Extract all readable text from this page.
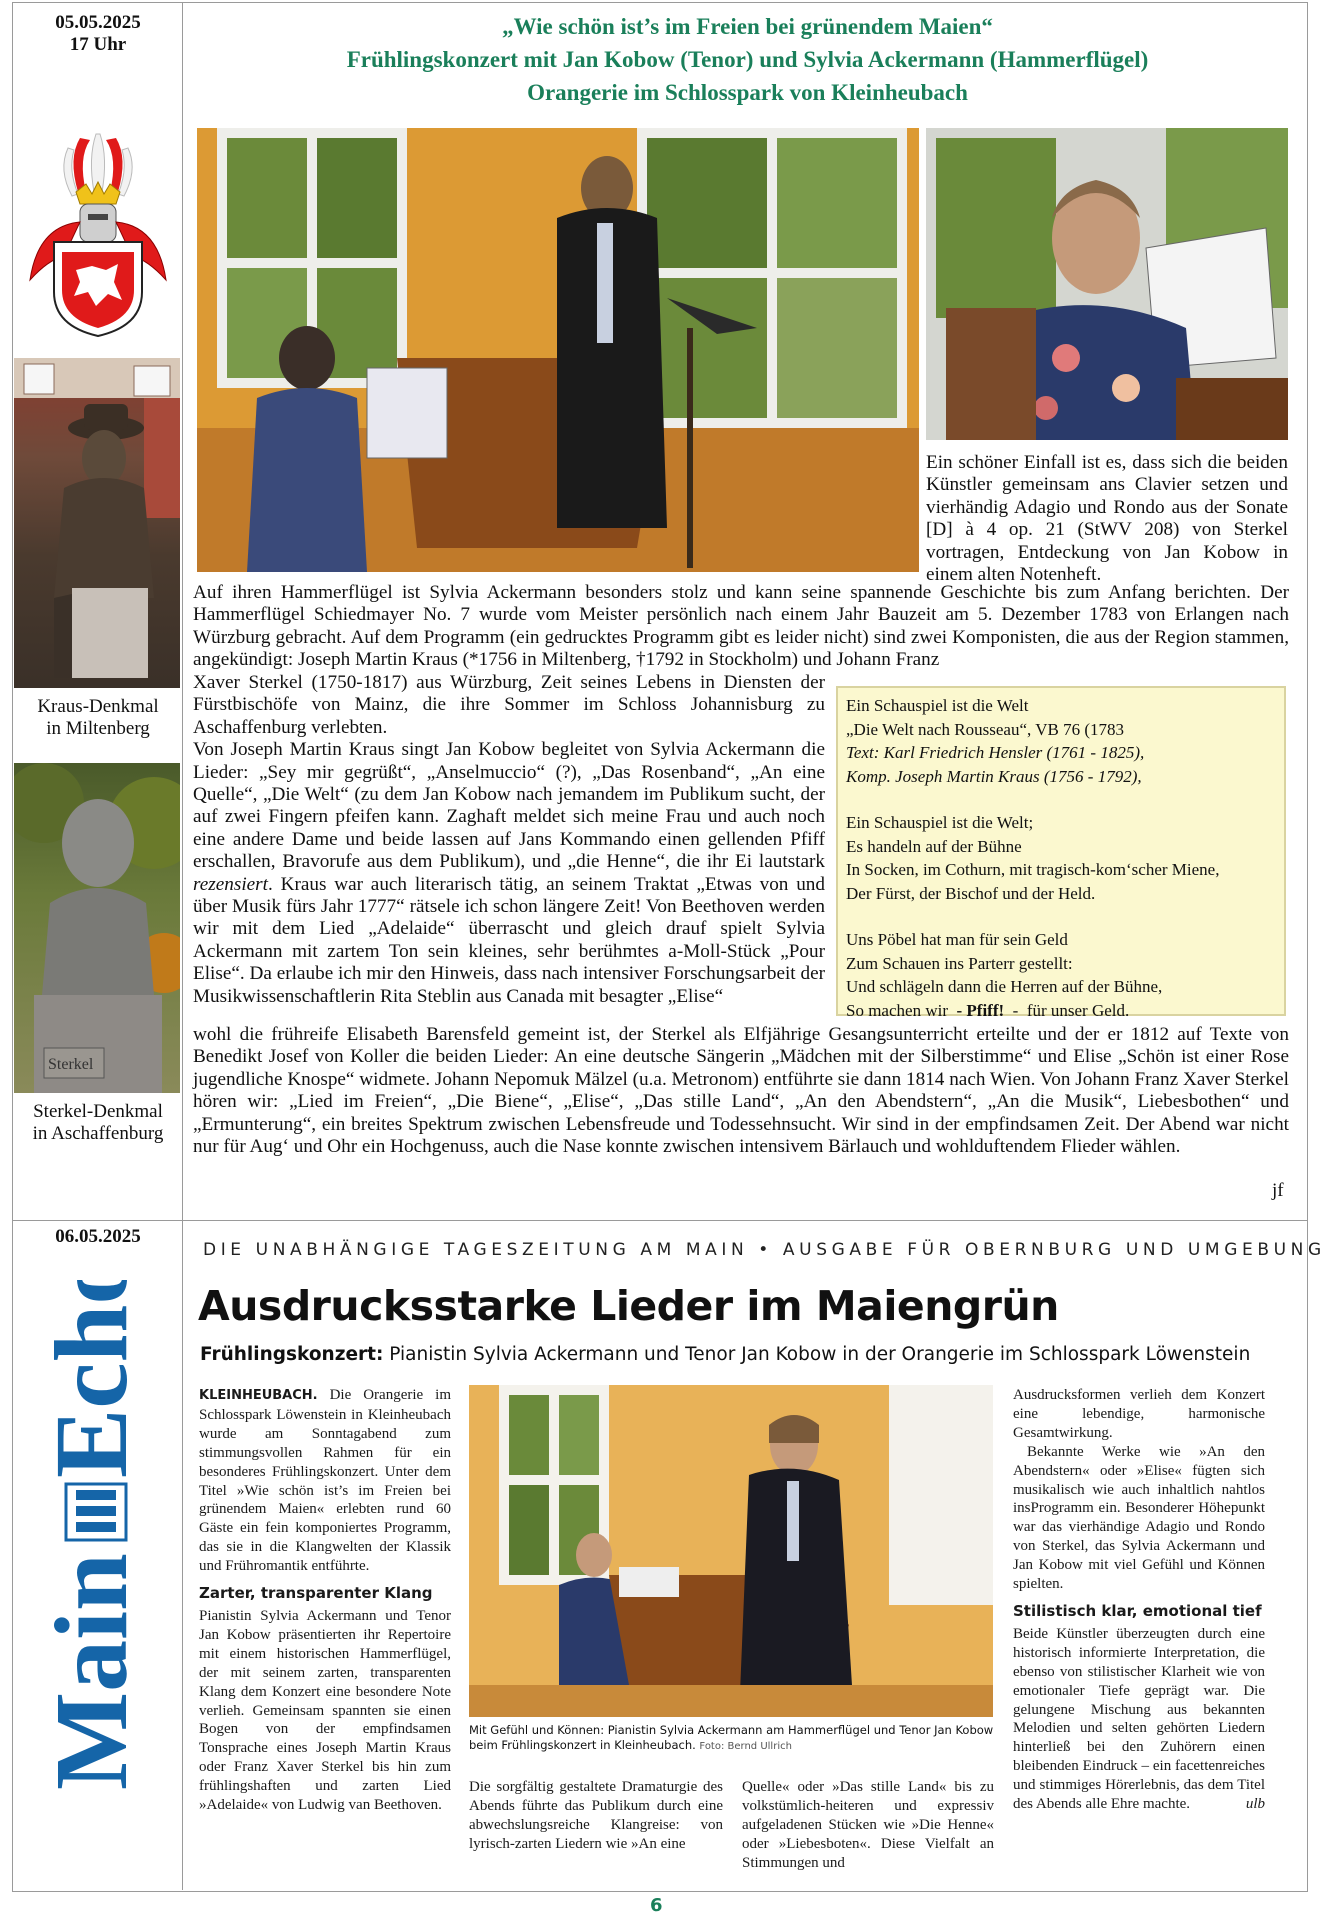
05.05.2025
17 Uhr
„Wie schön ist’s im Freien bei grünendem Maien“
Frühlingskonzert mit Jan Kobow (Tenor) und Sylvia Ackermann (Hammerflügel)
Orangerie im Schlosspark von Kleinheubach
Kraus-Denkmal
in Miltenberg
Sterkel
Sterkel-Denkmal
in Aschaffenburg

Ein schöner Einfall ist es, dass sich die beiden Künstler gemeinsam ans Clavier setzen und vierhändig Adagio und Rondo aus der Sonate [D] à 4 op. 21 (StWV 208) von Sterkel vortragen, Entdeckung von Jan Kobow in einem alten Notenheft.

Auf ihren Hammerflügel ist Sylvia Ackermann besonders stolz und kann seine spannende Geschichte bis zum Anfang berichten. Der Hammerflügel Schiedmayer No. 7 wurde vom Meister persönlich nach einem Jahr Bauzeit am 5. Dezember 1783 von Erlangen nach Würzburg gebracht. Auf dem Programm (ein gedrucktes Programm gibt es leider nicht) sind zwei Komponisten, die aus der Region stammen, angekündigt: Joseph Martin Kraus (*1756 in Miltenberg, †1792 in Stockholm) und Johann Franz

Xaver Sterkel (1750-1817) aus Würzburg, Zeit seines Lebens in Diensten der Fürstbischöfe von Mainz, die ihre Sommer im Schloss Johannisburg zu Aschaffenburg verlebten.

Von Joseph Martin Kraus singt Jan Kobow begleitet von Sylvia Ackermann die Lieder: „Sey mir gegrüßt“, „Anselmuccio“ (?), „Das Rosenband“, „An eine Quelle“, „Die Welt“ (zu dem Jan Kobow nach jemandem im Publikum sucht, der auf zwei Fingern pfeifen kann. Zaghaft meldet sich meine Frau und auch noch eine andere Dame und beide lassen auf Jans Kommando einen gellenden Pfiff erschallen, Bravorufe aus dem Publikum), und „die Henne“, die ihr Ei lautstark rezensiert. Kraus war auch literarisch tätig, an seinem Traktat „Etwas von und über Musik fürs Jahr 1777“ rätsele ich schon längere Zeit! Von Beethoven werden wir mit dem Lied „Adelaide“ überrascht und gleich drauf spielt Sylvia Ackermann mit zartem Ton sein kleines, sehr berühmtes a-Moll-Stück „Pour Elise“. Da erlaube ich mir den Hinweis, dass nach intensiver Forschungsarbeit der Musikwissenschaftlerin Rita Steblin aus Canada mit besagter „Elise“

Ein Schauspiel ist die Welt
„Die Welt nach Rousseau“, VB 76 (1783
Text: Karl Friedrich Hensler (1761 - 1825),
Komp. Joseph Martin Kraus (1756 - 1792),
Ein Schauspiel ist die Welt;
Es handeln auf der Bühne
In Socken, im Cothurn, mit tragisch-kom‘scher Miene,
Der Fürst, der Bischof und der Held.
Uns Pöbel hat man für sein Geld
Zum Schauen ins Parterr gestellt:
Und schlägeln dann die Herren auf der Bühne,
So machen wir  - Pfiff!  -  für unser Geld.

wohl die frühreife Elisabeth Barensfeld gemeint ist, der Sterkel als Elfjährige Gesangsunterricht erteilte und der er 1812 auf Texte von Benedikt Josef von Koller die beiden Lieder: An eine deutsche Sängerin „Mädchen mit der Silberstimme“ und Elise „Schön ist einer Rose jugendliche Knospe“ widmete. Johann Nepomuk Mälzel (u.a. Metronom) entführte sie dann 1814 nach Wien. Von Johann Franz Xaver Sterkel hören wir: „Lied im Freien“, „Die Biene“, „Elise“, „Das stille Land“, „An den Abendstern“, „An die Musik“, Liebesbothen“ und „Ermunterung“, ein breites Spektrum zwischen Lebensfreude und Todessehnsucht. Wir sind in der empfindsamen Zeit. Der Abend war nicht nur für Aug‘ und Ohr ein Hochgenuss, auch die Nase konnte zwischen intensivem Bärlauch und wohlduftendem Flieder wählen.

jf
06.05.2025
Main
Echo
DIE UNABHÄNGIGE TAGESZEITUNG AM MAIN • AUSGABE FÜR OBERNBURG UND UMGEBUNG
Ausdrucksstarke Lieder im Maiengrün
Frühlingskonzert: Pianistin Sylvia Ackermann und Tenor Jan Kobow in der Orangerie im Schlosspark Löwenstein

KLEINHEUBACH. Die Orangerie im Schlosspark Löwenstein in Kleinheubach wurde am Sonntagabend zum stimmungsvollen Rahmen für ein besonderes Frühlingskonzert. Unter dem Titel »Wie schön ist’s im Freien bei grünendem Maien« erlebten rund 60 Gäste ein fein komponiertes Programm, das sie in die Klangwelten der Klassik und Frühromantik entführte.

Zarter, transparenter Klang

Pianistin Sylvia Ackermann und Tenor Jan Kobow präsentierten ihr Repertoire mit einem historischen Hammerflügel, der mit seinem zarten, transparenten Klang dem Konzert eine besondere Note verlieh. Gemeinsam spannten sie einen Bogen von der empfindsamen Tonsprache eines Joseph Martin Kraus oder Franz Xaver Sterkel bis hin zum frühlingshaften und zarten Lied »Adelaide« von Ludwig van Beethoven.

Mit Gefühl und Können: Pianistin Sylvia Ackermann am Hammerflügel und Tenor Jan Kobow beim Frühlingskonzert in Kleinheubach. Foto: Bernd Ullrich

Die sorgfältig gestaltete Dramaturgie des Abends führte das Publikum durch eine abwechslungsreiche Klangreise: von lyrisch-zarten Liedern wie »An eine

Quelle« oder »Das stille Land« bis zu volkstümlich-heiteren und expressiv aufgeladenen Stücken wie »Die Henne« oder »Liebesboten«. Diese Vielfalt an Stimmungen und

Ausdrucksformen verlieh dem Konzert eine lebendige, harmonische Gesamtwirkung.

Bekannte Werke wie »An den Abendstern« oder »Elise« fügten sich musikalisch wie auch inhaltlich nahtlos insProgramm ein. Besonderer Höhepunkt war das vierhändige Adagio und Rondo von Sterkel, das Sylvia Ackermann und Jan Kobow mit viel Gefühl und Können spielten.

Stilistisch klar, emotional tief

Beide Künstler überzeugten durch eine historisch informierte Interpretation, die ebenso von stilistischer Klarheit wie von emotionaler Tiefe geprägt war. Die gelungene Mischung aus bekannten Melodien und selten gehörten Liedern hinterließ bei den Zuhörern einen bleibenden Eindruck – ein facettenreiches und stimmiges Hörerlebnis, das dem Titel des Abends alle Ehre machte.	ulb

6
